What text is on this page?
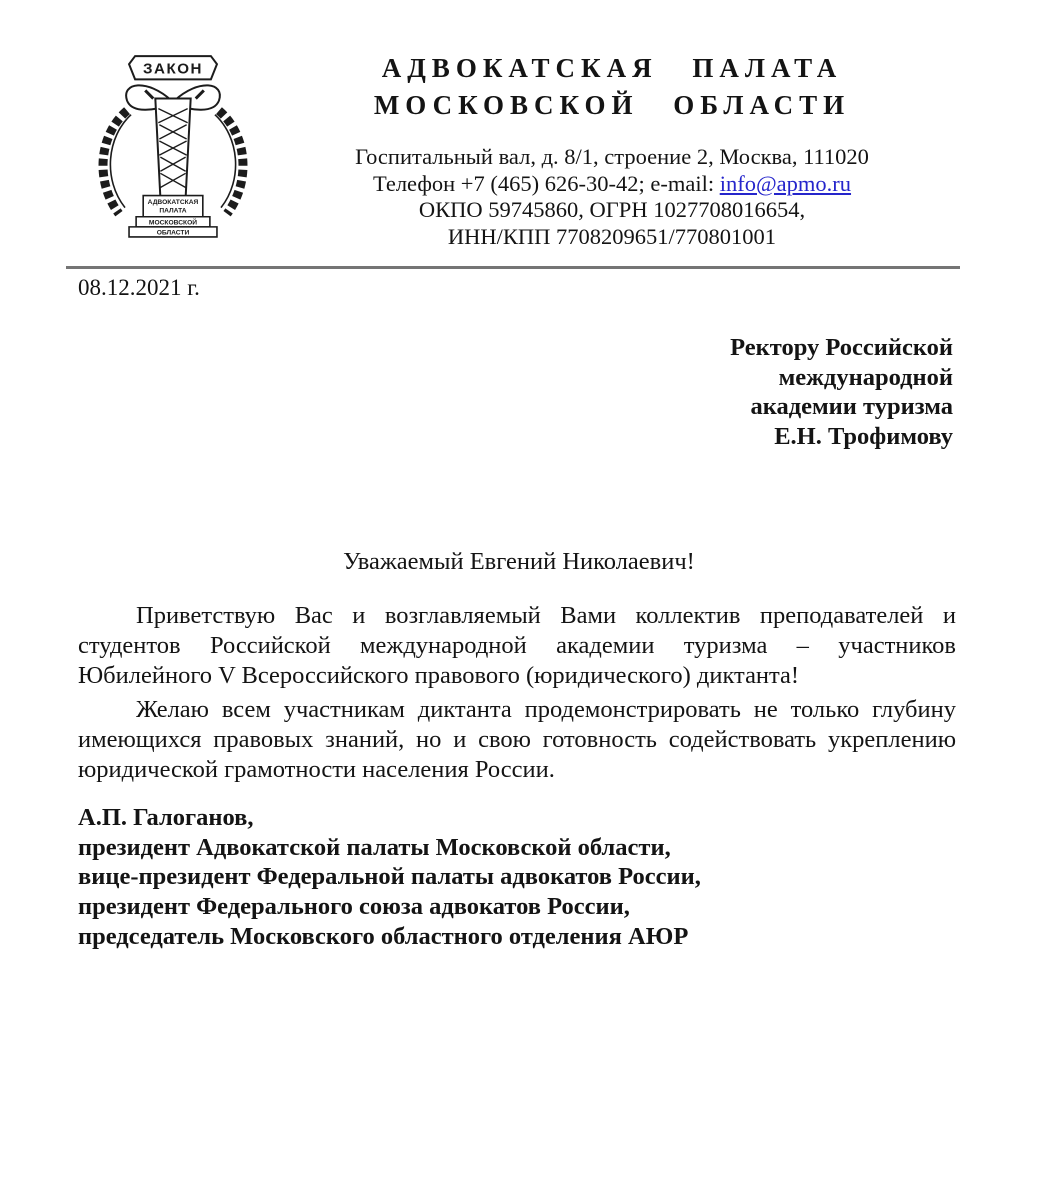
ЗАКОН
АДВОКАТСКАЯ
ПАЛАТА
МОСКОВСКОЙ
ОБЛАСТИ
АДВОКАТСКАЯ ПАЛАТА
МОСКОВСКОЙ ОБЛАСТИ
Госпитальный вал, д. 8/1, строение 2, Москва, 111020
Телефон +7 (465) 626-30-42; e-mail: info@apmo.ru
ОКПО 59745860, ОГРН 1027708016654,
ИНН/КПП 7708209651/770801001
08.12.2021 г.
Ректору Российской
международной
академии туризма
Е.Н. Трофимову
Уважаемый Евгений Николаевич!

Приветствую Вас и возглавляемый Вами коллектив преподавателей и студентов Российской международной академии туризма – участников Юбилейного V Всероссийского правового (юридического) диктанта!

Желаю всем участникам диктанта продемонстрировать не только глубину имеющихся правовых знаний, но и свою готовность содействовать укреплению юридической грамотности населения России.

А.П. Галоганов,
президент Адвокатской палаты Московской области,
вице-президент Федеральной палаты адвокатов России,
президент Федерального союза адвокатов России,
председатель Московского областного отделения АЮР
